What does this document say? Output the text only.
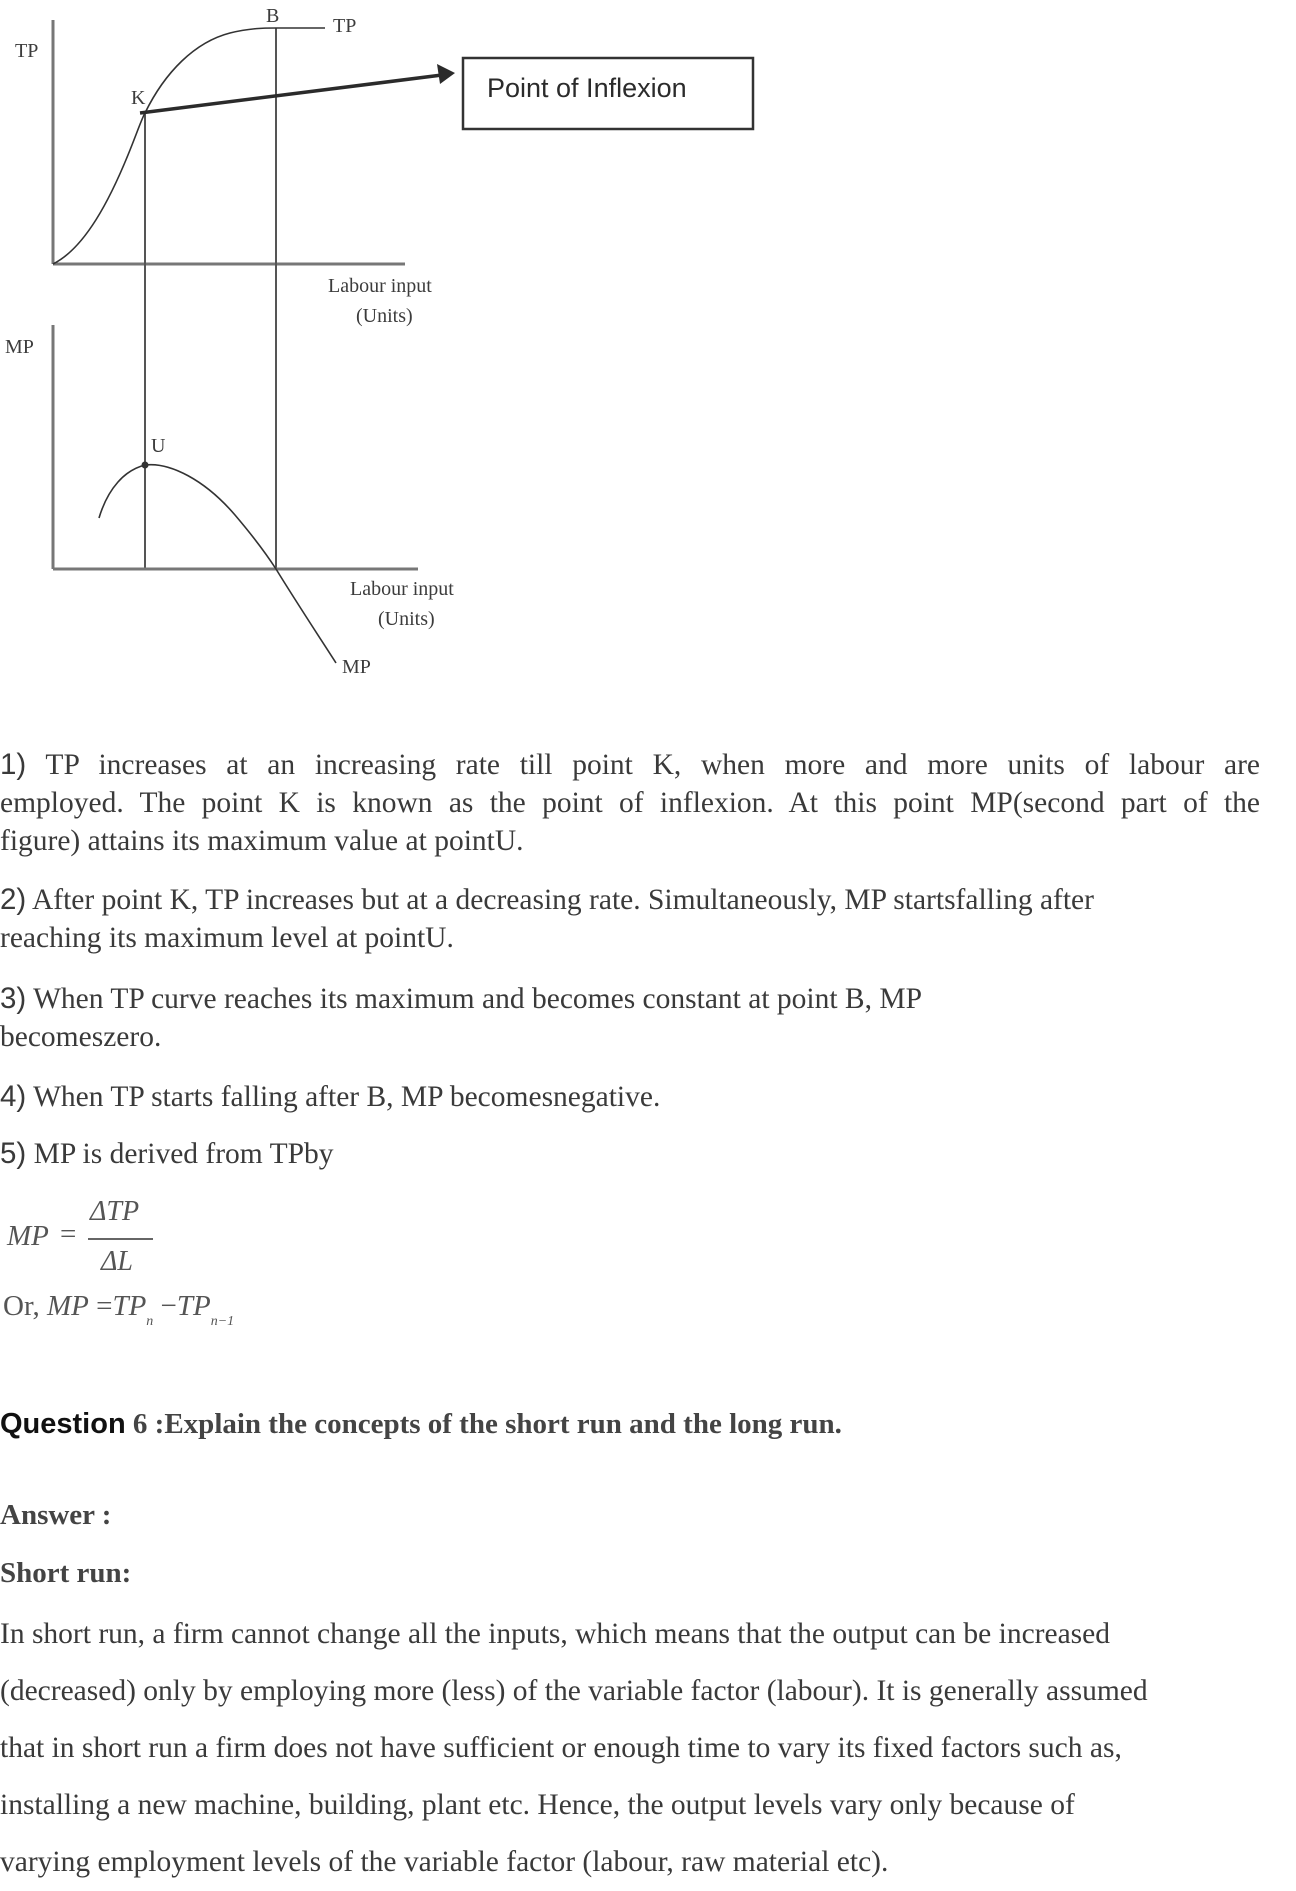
Point of Inflexion
TP
K
B	TP
Labour input
(Units)
MP
U
Labour input
(Units)
MP
1) TP increases at an increasing rate till point K, when more and more units of labour are
employed. The point K is known as the point of inflexion. At this point MP(second part of the
figure) attains its maximum value at pointU.
2) After point K, TP increases but at a decreasing rate. Simultaneously, MP startsfalling after
reaching its maximum level at pointU.
3) When TP curve reaches its maximum and becomes constant at point B, MP
becomeszero.
4) When TP starts falling after B, MP becomesnegative.
5) MP is derived from TPby
MP =
ΔTP
ΔL
Or, MP $=TP_n -TP_{n-1}$
Question 6 :Explain the concepts of the short run and the long run.
Answer :
Short run:
In short run, a firm cannot change all the inputs, which means that the output can be increased
(decreased) only by employing more (less) of the variable factor (labour). It is generally assumed
that in short run a firm does not have sufficient or enough time to vary its fixed factors such as,
installing a new machine, building, plant etc. Hence, the output levels vary only because of
varying employment levels of the variable factor (labour, raw material etc).
